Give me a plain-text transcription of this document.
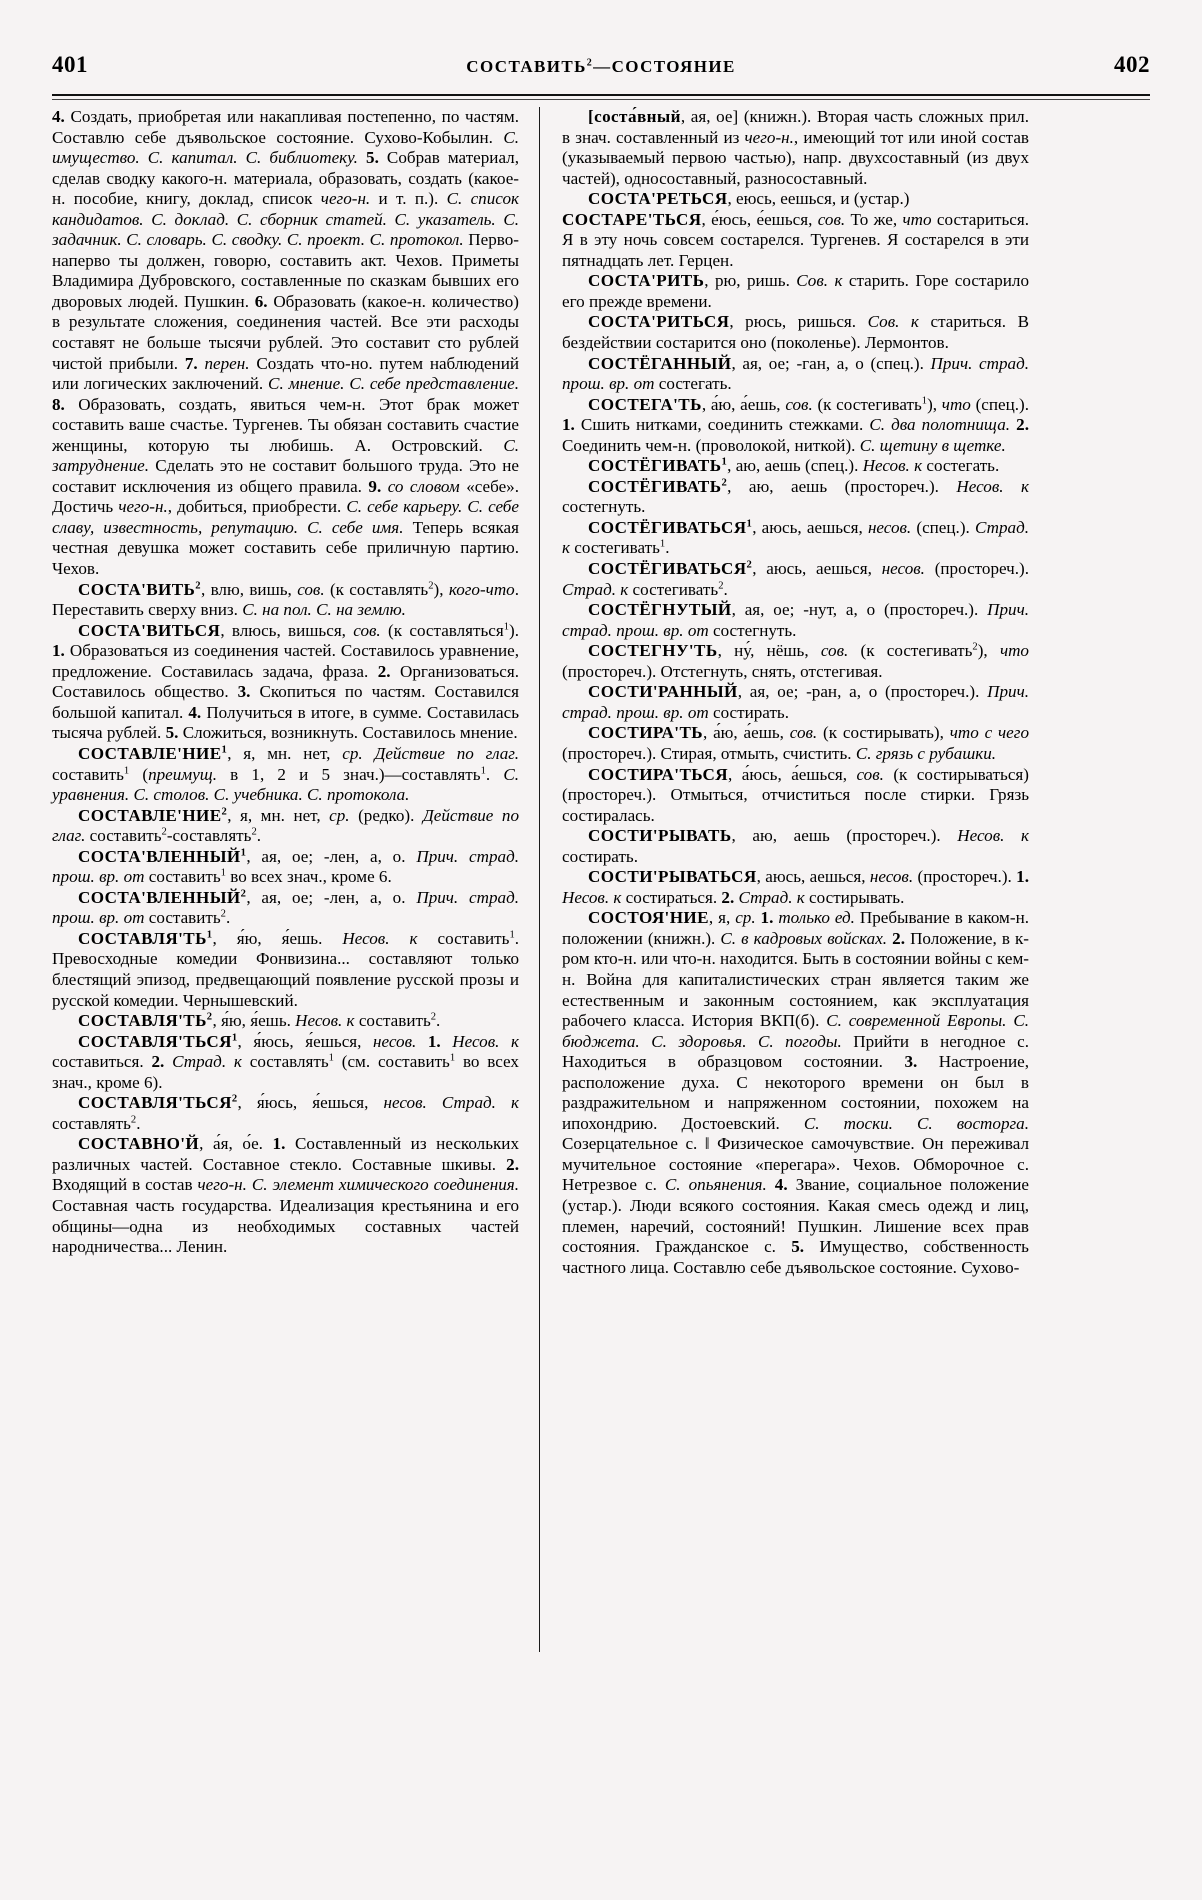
401	СОСТАВИТЬ$^2$—СОСТОЯНИЕ	402

4. Создать, приобретая или накапливая постепенно, по частям. Составлю себе дъявольское состояние. Сухово-Кобылин. С. имущество. С. капитал. С. библиотеку. 5. Собрав материал, сделав сводку какого-н. материала, образовать, создать (какое-н. пособие, книгу, доклад, список чего-н. и т. п.). С. список кандидатов. С. доклад. С. сборник статей. С. указатель. С. задачник. С. словарь. С. сводку. С. проект. С. протокол. Перво-наперво ты должен, говорю, составить акт. Чехов. Приметы Владимира Дубровского, составленные по сказкам бывших его дворовых людей. Пушкин. 6. Образовать (какое-н. количество) в результате сложения, соединения частей. Все эти расходы составят не больше тысячи рублей. Это составит сто рублей чистой прибыли. 7. перен. Создать что-но. путем наблюдений или логических заключений. С. мнение. С. себе представление. 8. Образовать, создать, явиться чем-н. Этот брак может составить ваше счастье. Тургенев. Ты обязан составить счастие женщины, которую ты любишь. А. Островский. С. затруднение. Сделать это не составит большого труда. Это не составит исключения из общего правила. 9. со словом «себе». Достичь чего-н., добиться, приобрести. С. себе карьеру. С. себе славу, известность, репутацию. С. себе имя. Теперь всякая честная девушка может составить себе приличную партию. Чехов.

СОСТА'ВИТЬ$^2$, влю, вишь, сов. (к составлять$^2$), кого-что. Переставить сверху вниз. С. на пол. С. на землю.

СОСТА'ВИТЬСЯ, влюсь, вишься, сов. (к составляться$^1$). 1. Образоваться из соединения частей. Составилось уравнение, предложение. Составилась задача, фраза. 2. Организоваться. Составилось общество. 3. Скопиться по частям. Составился большой капитал. 4. Получиться в итоге, в сумме. Составилась тысяча рублей. 5. Сложиться, возникнуть. Составилось мнение.

СОСТАВЛЕ'НИЕ$^1$, я, мн. нет, ср. Действие по глаг. составить$^1$ (преимущ. в 1, 2 и 5 знач.)—составлять$^1$. С. уравнения. С. столов. С. учебника. С. протокола.

СОСТАВЛЕ'НИЕ$^2$, я, мн. нет, ср. (редко). Действие по глаг. составить$^2$-составлять$^2$.

СОСТА'ВЛЕННЫЙ$^1$, ая, ое; -лен, а, о. Прич. страд. прош. вр. от составить$^1$ во всех знач., кроме 6.

СОСТА'ВЛЕННЫЙ$^2$, ая, ое; -лен, а, о. Прич. страд. прош. вр. от составить$^2$.

$СОСТАВЛЯ'ТЬ^1$, я́ю, я́ешь. Несов. к составить$^1$. Превосходные комедии Фонвизина... составляют только блестящий эпизод, предвещающий появление русской прозы и русской комедии. Чернышевский.

$СОСТАВЛЯ'ТЬ^2$, я́ю, я́ешь. Несов. к составить$^2$.

СОСТАВЛЯ'ТЬСЯ$^1$, я́юсь, я́ешься, несов. 1. Несов. к составиться. 2. Страд. к составлять$^1$ (см. составить$^1$ во всех знач., кроме 6).

СОСТАВЛЯ'ТЬСЯ$^2$, я́юсь, я́ешься, несов. Страд. к составлять$^2$.

СОСТАВНО'Й, а́я, о́е. 1. Составленный из нескольких различных частей. Составное стекло. Составные шкивы. 2. Входящий в состав чего-н. С. элемент химического соединения. Составная часть государства. Идеализация крестьянина и его общины—одна из необходимых составных частей народничества... Ленин.

[соста́вный, ая, ое] (книжн.). Вторая часть сложных прил. в знач. составленный из чего-н., имеющий тот или иной состав (указываемый первою частью), напр. двухсоставный (из двух частей), односоставный, разносоставный.

СОСТА'РЕТЬСЯ, еюсь, еешься, и (устар.)
СОСТАРЕ'ТЬСЯ, е́юсь, е́ешься, сов. То же, что состариться. Я в эту ночь совсем состарелся. Тургенев. Я состарелся в эти пятнадцать лет. Герцен.

СОСТА'РИТЬ, рю, ришь. Сов. к старить. Горе состарило его прежде времени.

СОСТА'РИТЬСЯ, рюсь, ришься. Сов. к стариться. В бездействии состарится оно (поколенье). Лермонтов.

СОСТЁГАННЫЙ, ая, ое; -ган, а, о (спец.). Прич. страд. прош. вр. от состегать.

СОСТЕГА'ТЬ, а́ю, а́ешь, сов. (к состегивать$^1$), что (спец.). 1. Сшить нитками, соединить стежками. С. два полотнища. 2. Соединить чем-н. (проволокой, ниткой). С. щетину в щетке.

СОСТЁГИВАТЬ$^1$, аю, аешь (спец.). Несов. к состегать.

СОСТЁГИВАТЬ$^2$, аю, аешь (простореч.). Несов. к состегнуть.

СОСТЁГИВАТЬСЯ$^1$, аюсь, аешься, несов. (спец.). Страд. к состегивать$^1$.

СОСТЁГИВАТЬСЯ$^2$, аюсь, аешься, несов. (простореч.). Страд. к состегивать$^2$.

СОСТЁГНУТЫЙ, ая, ое; -нут, а, о (простореч.). Прич. страд. прош. вр. от состегнуть.

СОСТЕГНУ'ТЬ, ну́, нёшь, сов. (к состегивать$^2$), что (простореч.). Отстегнуть, снять, отстегивая.

СОСТИ'РАННЫЙ, ая, ое; -ран, а, о (простореч.). Прич. страд. прош. вр. от состирать.

СОСТИРА'ТЬ, а́ю, а́ешь, сов. (к состирывать), что с чего (простореч.). Стирая, отмыть, счистить. С. грязь с рубашки.

СОСТИРА'ТЬСЯ, а́юсь, а́ешься, сов. (к состирываться) (простореч.). Отмыться, отчиститься после стирки. Грязь состиралась.

СОСТИ'РЫВАТЬ, аю, аешь (простореч.). Несов. к состирать.

СОСТИ'РЫВАТЬСЯ, аюсь, аешься, несов. (простореч.). 1. Несов. к состираться. 2. Страд. к состирывать.

СОСТОЯ'НИЕ, я, ср. 1. только ед. Пребывание в каком-н. положении (книжн.). С. в кадровых войсках. 2. Положение, в к-ром кто-н. или что-н. находится. Быть в состоянии войны с кем-н. Война для капиталистических стран является таким же естественным и законным состоянием, как эксплуатация рабочего класса. История ВКП(б). С. современной Европы. С. бюджета. С. здоровья. С. погоды. Прийти в негодное с. Находиться в образцовом состоянии. 3. Настроение, расположение духа. С некоторого времени он был в раздражительном и напряженном состоянии, похожем на ипохондрию. Достоевский. С. тоски. С. восторга. Созерцательное с. ‖ Физическое самочувствие. Он переживал мучительное состояние «перегара». Чехов. Обморочное с. Нетрезвое с. С. опьянения. 4. Звание, социальное положение (устар.). Люди всякого состояния. Какая смесь одежд и лиц, племен, наречий, состояний! Пушкин. Лишение всех прав состояния. Гражданское с. 5. Имущество, собственность частного лица. Составлю себе дъявольское состояние. Сухово-
